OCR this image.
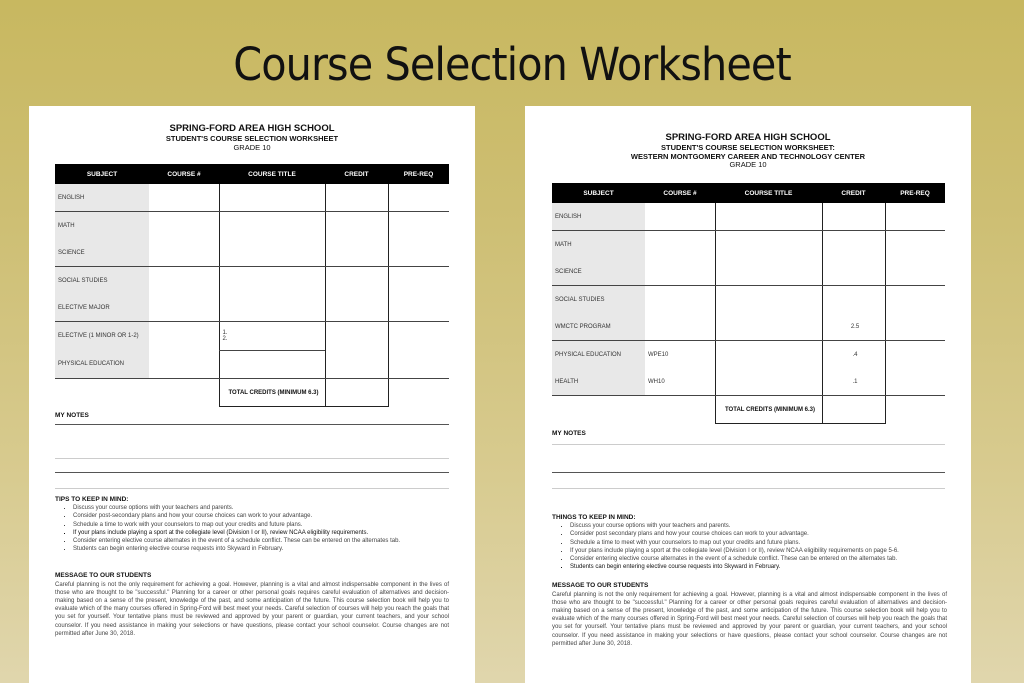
Course Selection Worksheet
SPRING-FORD AREA HIGH SCHOOL
STUDENT'S COURSE SELECTION WORKSHEET
GRADE 10
SUBJECT	COURSE #	COURSE TITLE	CREDIT	PRE-REQ
ENGLISH				
MATH				
SCIENCE				
SOCIAL STUDIES				
ELECTIVE MAJOR				
ELECTIVE (1 MINOR OR 1-2)		1.		
		2.		
PHYSICAL EDUCATION				
		TOTAL CREDITS (MINIMUM 6.3)		
MY NOTES
TIPS TO KEEP IN MIND:
▪ Discuss your course options with your teachers and parents.
▪ Consider post-secondary plans and how your course choices can work to your advantage.
▪ Schedule a time to work with your counselors to map out your credits and future plans.
▪ If your plans include playing a sport at the collegiate level (Division I or II), review NCAA eligibility requirements.
▪ Consider entering elective course alternates in the event of a schedule conflict. These can be entered on the alternates tab.
▪ Students can begin entering elective course requests into Skyward in February.
MESSAGE TO OUR STUDENTS
Careful planning is not the only requirement for achieving a goal. However, planning is a vital and almost indispensable component in the lives of those who are thought to be "successful." Planning for a career or other personal goals requires careful evaluation of alternatives and decision-making based on a sense of the present, knowledge of the past, and some anticipation of the future. This course selection book will help you to evaluate which of the many courses offered in Spring-Ford will best meet your needs. Careful selection of courses will help you reach the goals that you set for yourself. Your tentative plans must be reviewed and approved by your parent or guardian, your current teachers, and your school counselor. If you need assistance in making your selections or have questions, please contact your school counselor. Course changes are not permitted after June 30, 2018.
SPRING-FORD AREA HIGH SCHOOL
STUDENT'S COURSE SELECTION WORKSHEET:
WESTERN MONTGOMERY CAREER AND TECHNOLOGY CENTER
GRADE 10
SUBJECT	COURSE #	COURSE TITLE	CREDIT	PRE-REQ
ENGLISH				
MATH				
SCIENCE				
SOCIAL STUDIES				
WMCTC PROGRAM			2.5	
PHYSICAL EDUCATION	WPE10		.4	
HEALTH	WH10		.1	
		TOTAL CREDITS (MINIMUM 6.3)		
MY NOTES
THINGS TO KEEP IN MIND:
▪ Discuss your course options with your teachers and parents.
▪ Consider post secondary plans and how your course choices can work to your advantage.
▪ Schedule a time to meet with your counselors to map out your credits and future plans.
▪ If your plans include playing a sport at the collegiate level (Division I or II), review NCAA eligibility requirements on page 5-6.
▪ Consider entering elective course alternates in the event of a schedule conflict. These can be entered on the alternates tab.
▪ Students can begin entering elective course requests into Skyward in February.
MESSAGE TO OUR STUDENTS
Careful planning is not the only requirement for achieving a goal. However, planning is a vital and almost indispensable component in the lives of those who are thought to be "successful." Planning for a career or other personal goals requires careful evaluation of alternatives and decision-making based on a sense of the present, knowledge of the past, and some anticipation of the future. This course selection book will help you to evaluate which of the many courses offered in Spring-Ford will best meet your needs. Careful selection of courses will help you reach the goals that you set for yourself. Your tentative plans must be reviewed and approved by your parent or guardian, your current teachers, and your school counselor. If you need assistance in making your selections or have questions, please contact your school counselor. Course changes are not permitted after June 30, 2018.
